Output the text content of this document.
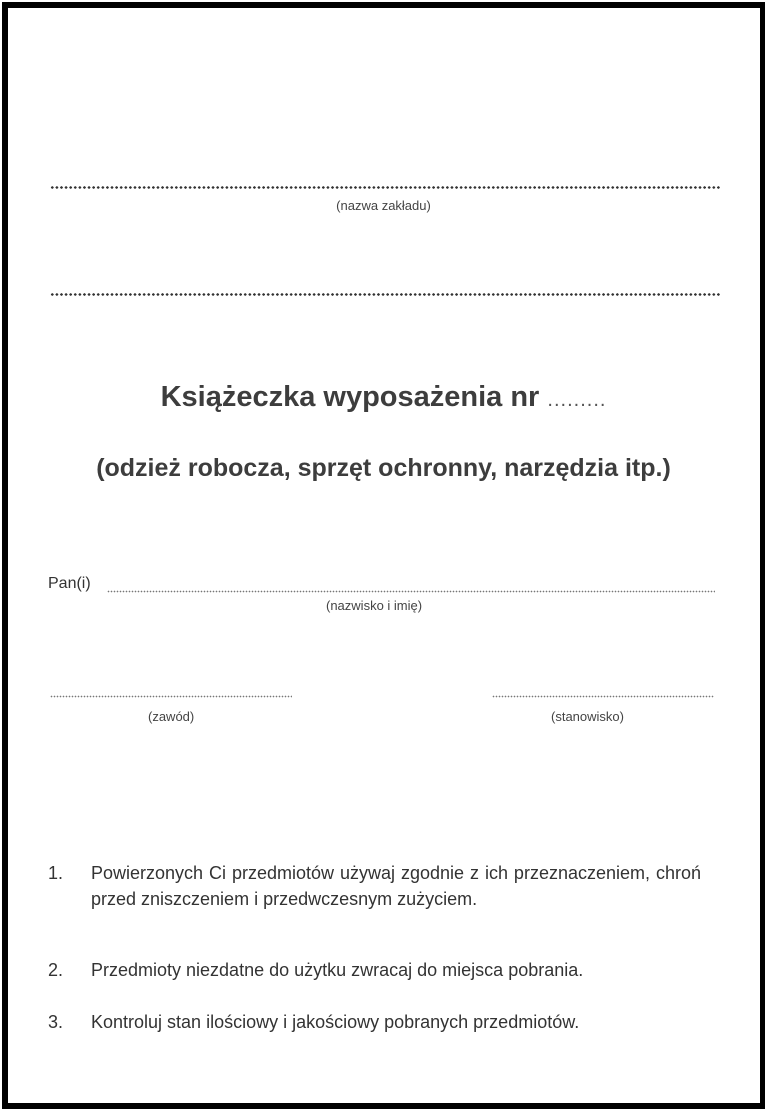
(nazwa zakładu)
Książeczka wyposażenia nr .........
(odzież robocza, sprzęt ochronny, narzędzia itp.)
Pan(i)
(nazwisko i imię)
(zawód)	(stanowisko)
1. Powierzonych Ci przedmiotów używaj zgodnie z ich przeznaczeniem, chroń przed zniszczeniem i przedwczesnym zużyciem.
2. Przedmioty niezdatne do użytku zwracaj do miejsca pobrania.
3. Kontroluj stan ilościowy i jakościowy pobranych przedmiotów.
